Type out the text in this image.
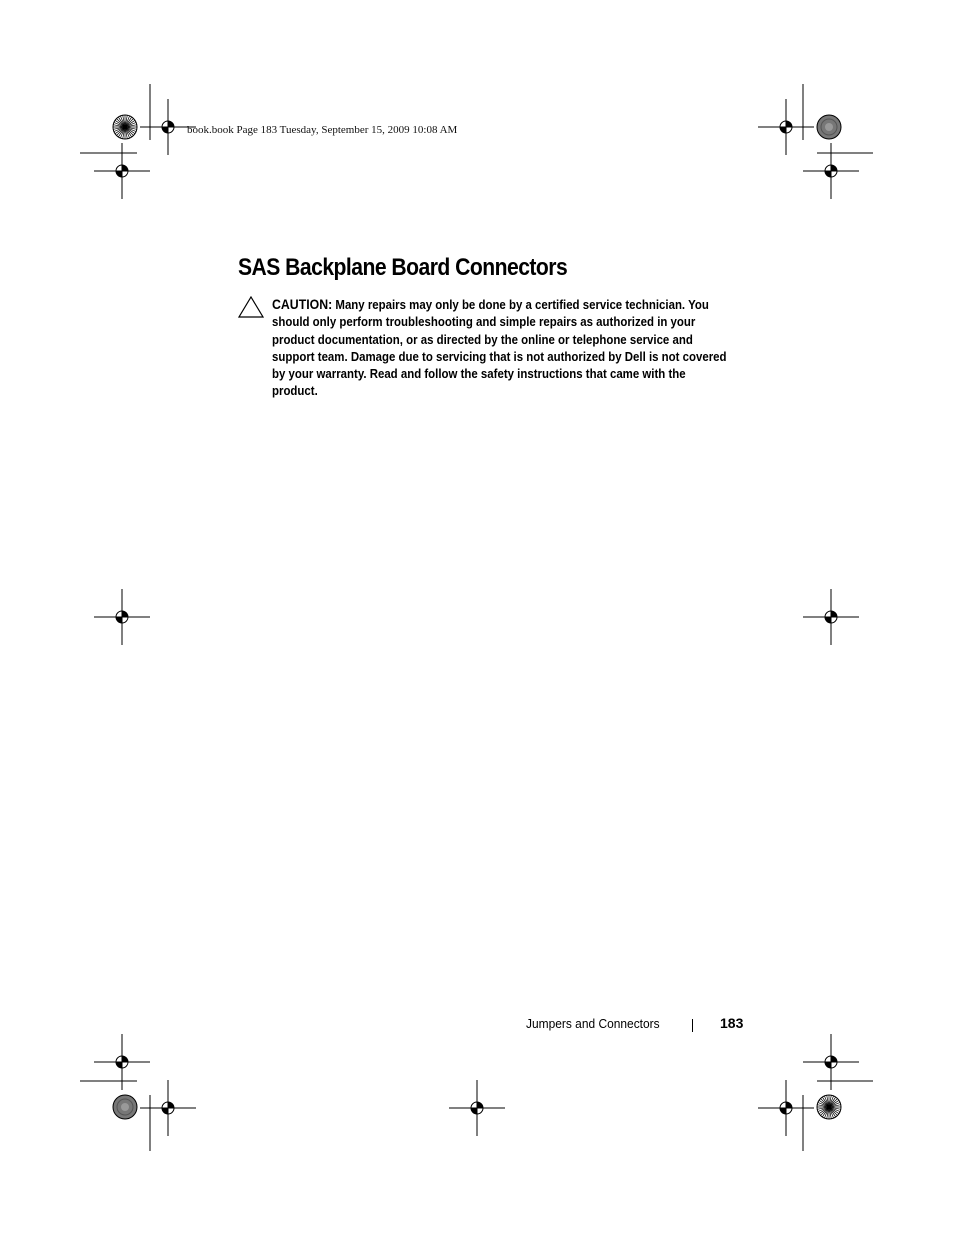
book.book Page 183 Tuesday, September 15, 2009 10:08 AM
SAS Backplane Board Connectors
CAUTION: Many repairs may only be done by a certified service technician. You should only perform troubleshooting and simple repairs as authorized in your product documentation, or as directed by the online or telephone service and support team. Damage due to servicing that is not authorized by Dell is not covered by your warranty. Read and follow the safety instructions that came with the product.
Jumpers and Connectors	183
